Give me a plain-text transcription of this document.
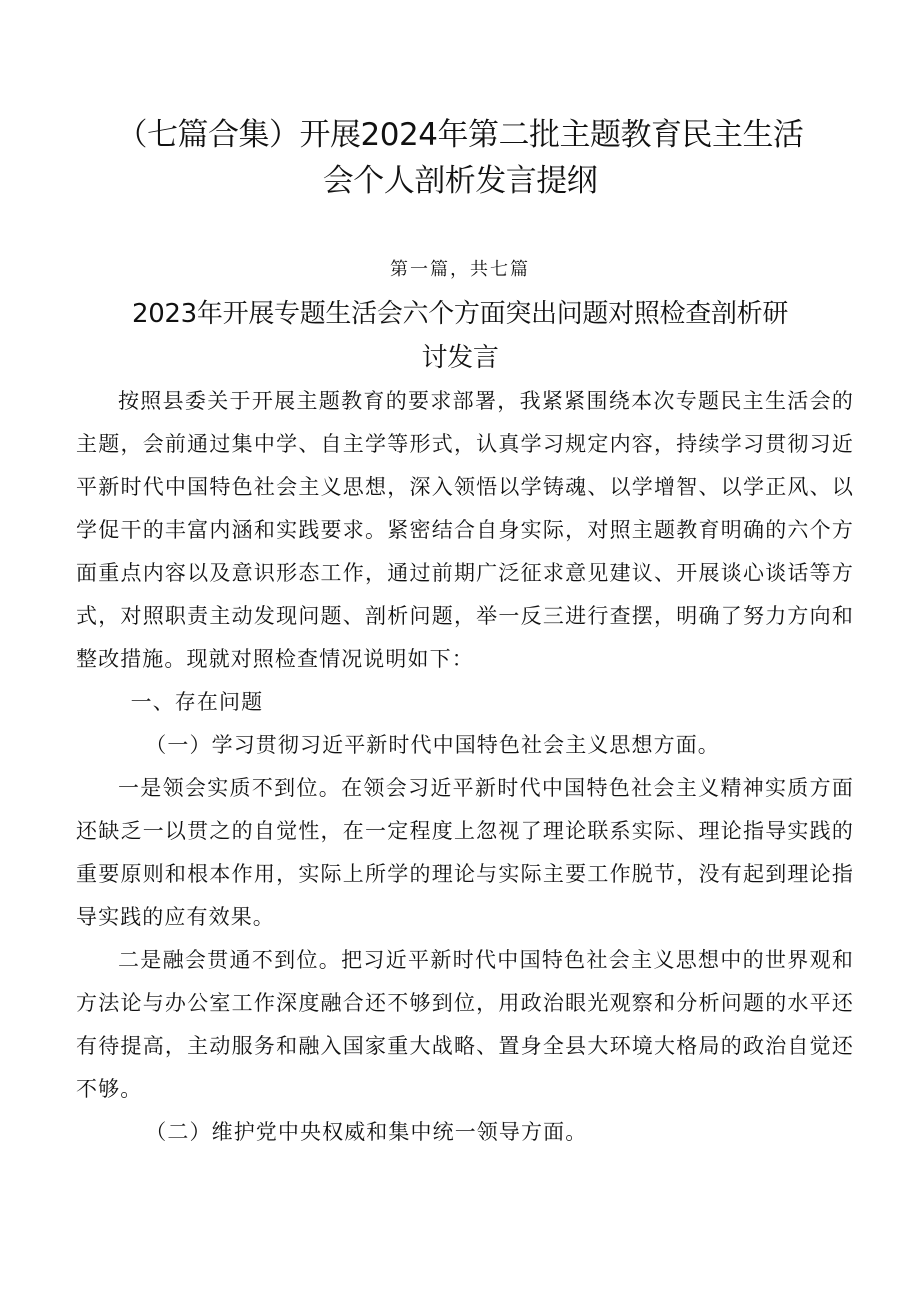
（七篇合集）开展2024年第二批主题教育民主生活
会个人剖析发言提纲
第一篇，共七篇
2023年开展专题生活会六个方面突出问题对照检查剖析研
讨发言

按照县委关于开展主题教育的要求部署，我紧紧围绕本次专题民主生活会的主题，会前通过集中学、自主学等形式，认真学习规定内容，持续学习贯彻习近平新时代中国特色社会主义思想，深入领悟以学铸魂、以学增智、以学正风、以学促干的丰富内涵和实践要求。紧密结合自身实际，对照主题教育明确的六个方面重点内容以及意识形态工作，通过前期广泛征求意见建议、开展谈心谈话等方式，对照职责主动发现问题、剖析问题，举一反三进行查摆，明确了努力方向和整改措施。现就对照检查情况说明如下：

一、存在问题

（一）学习贯彻习近平新时代中国特色社会主义思想方面。

一是领会实质不到位。在领会习近平新时代中国特色社会主义精神实质方面还缺乏一以贯之的自觉性，在一定程度上忽视了理论联系实际、理论指导实践的重要原则和根本作用，实际上所学的理论与实际主要工作脱节，没有起到理论指导实践的应有效果。

二是融会贯通不到位。把习近平新时代中国特色社会主义思想中的世界观和方法论与办公室工作深度融合还不够到位，用政治眼光观察和分析问题的水平还有待提高，主动服务和融入国家重大战略、置身全县大环境大格局的政治自觉还不够。

（二）维护党中央权威和集中统一领导方面。
